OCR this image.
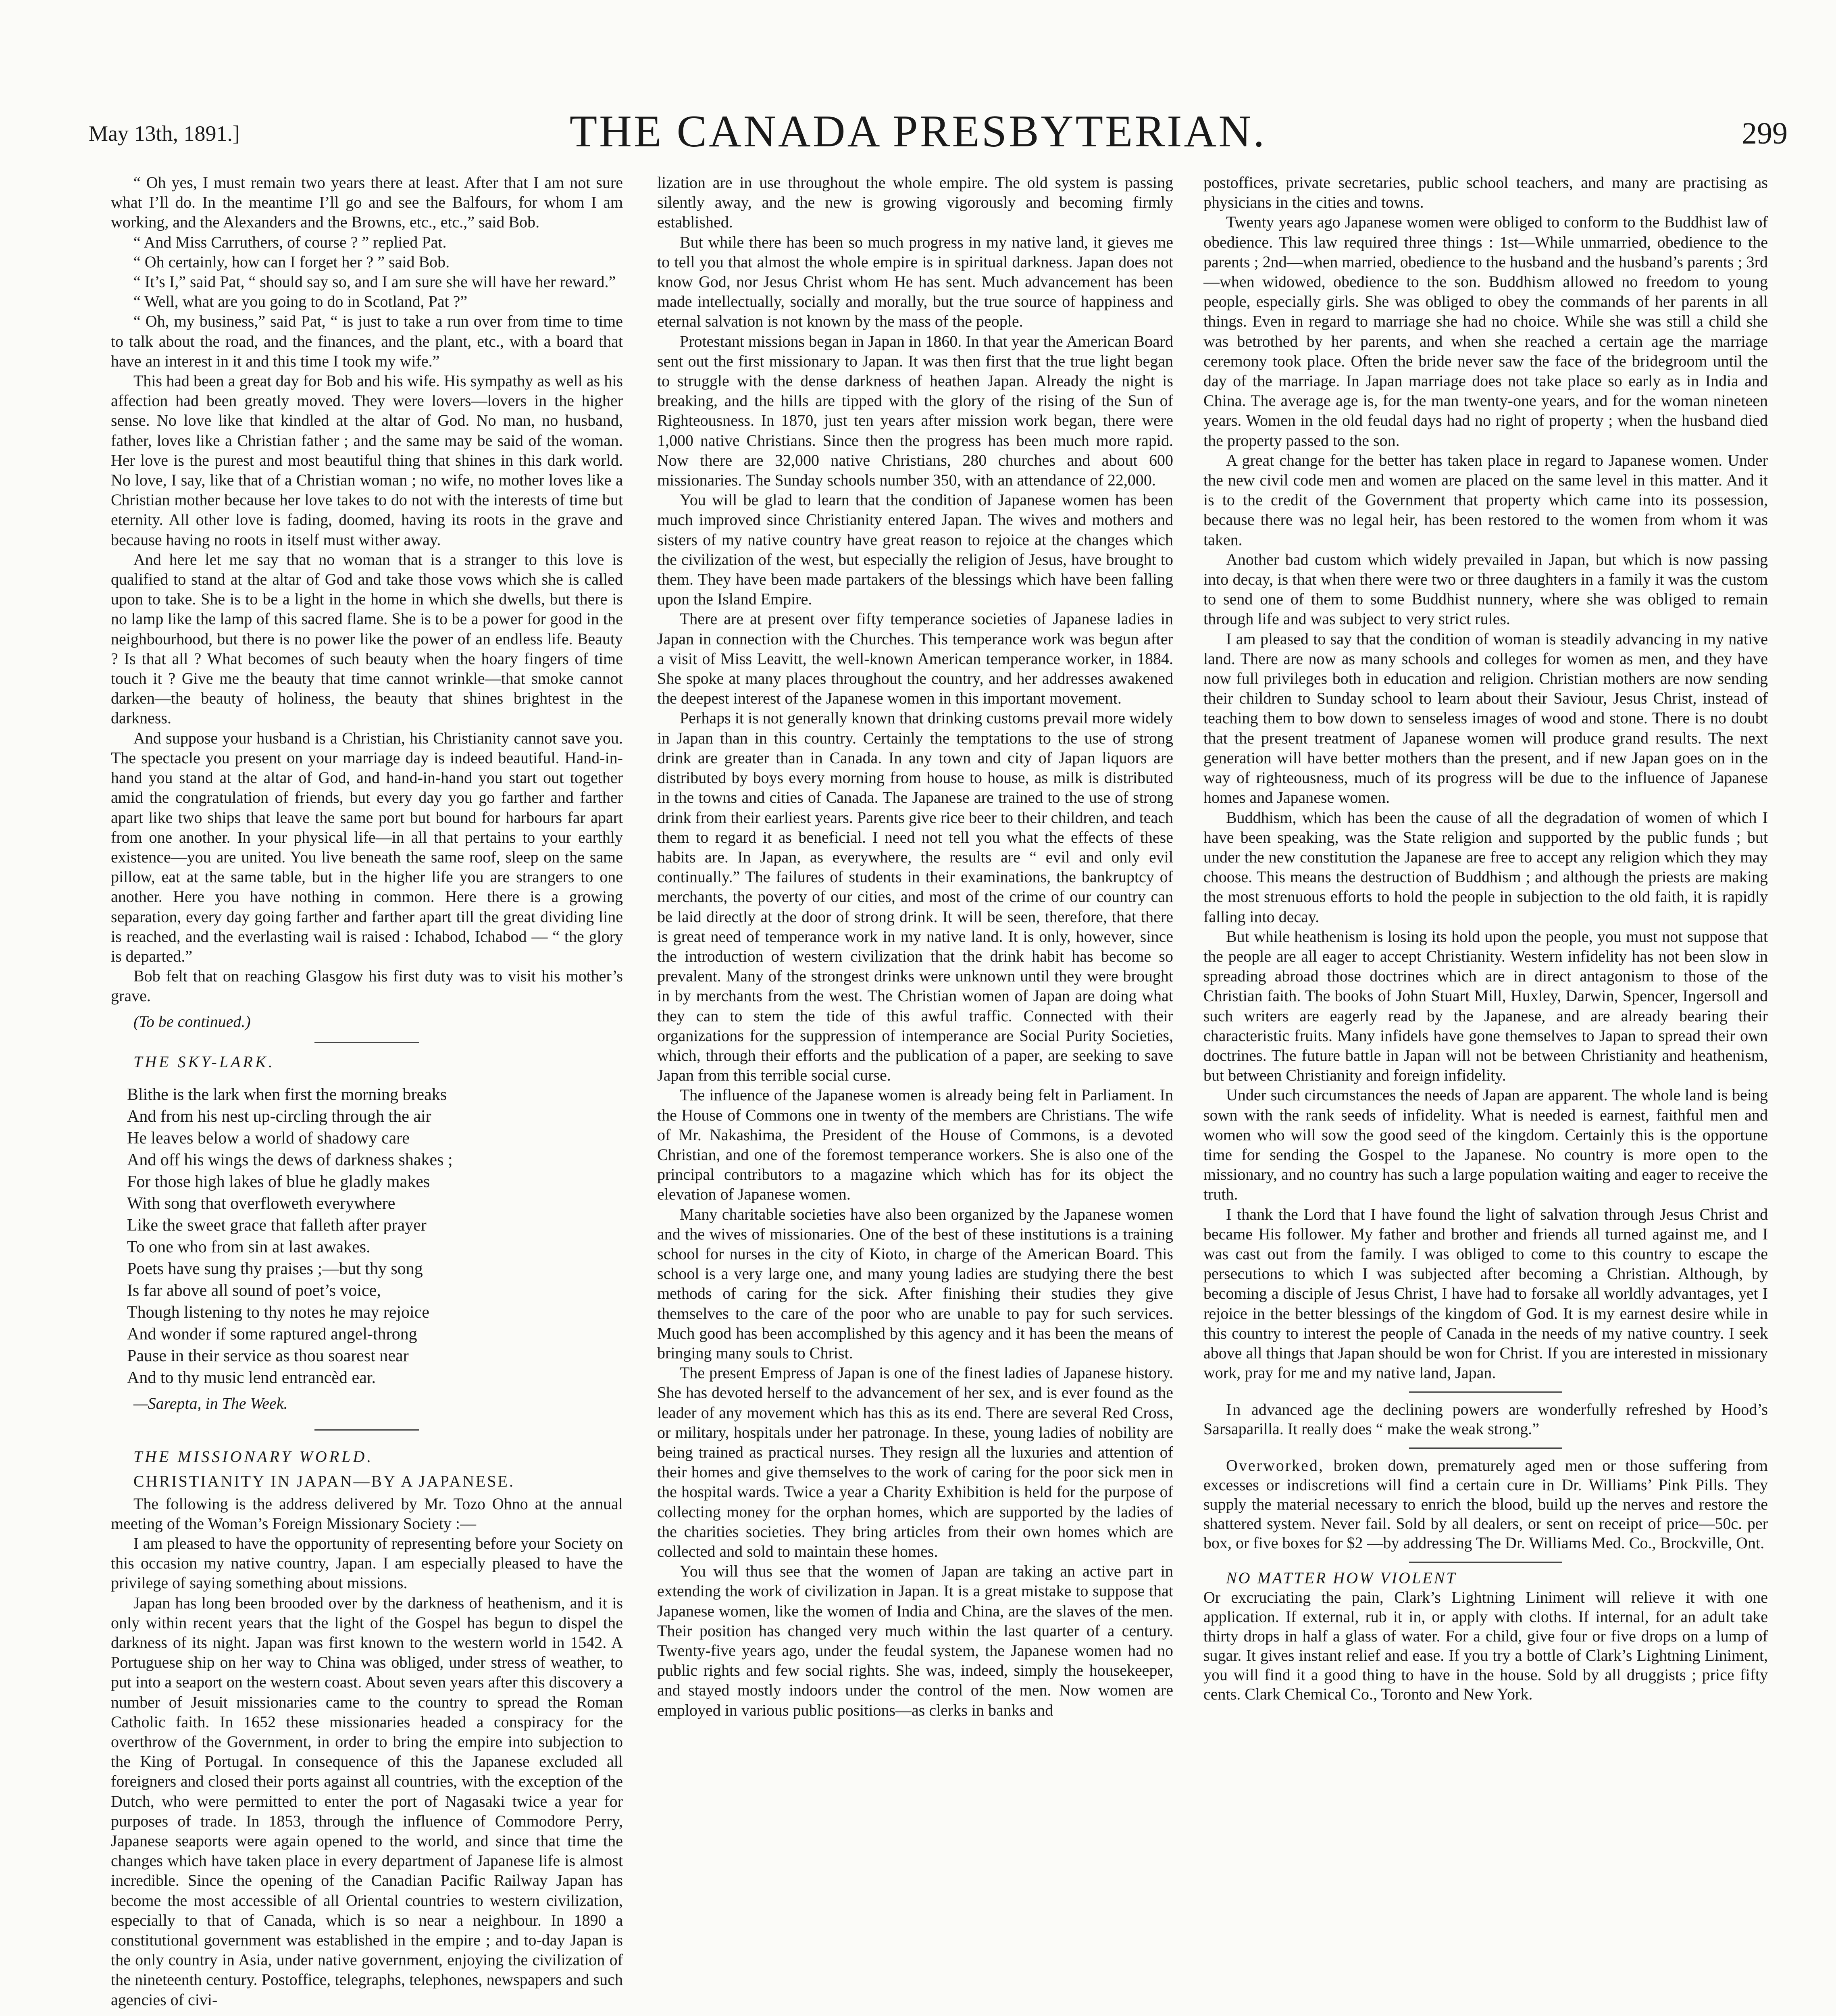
May 13th, 1891.]	THE CANADA PRESBYTERIAN.	299

“ Oh yes, I must remain two years there at least. After that I am not sure what I’ll do. In the meantime I’ll go and see the Balfours, for whom I am working, and the Alexanders and the Browns, etc., etc.,” said Bob.

“ And Miss Carruthers, of course ? ” replied Pat.

“ Oh certainly, how can I forget her ? ” said Bob.

“ It’s I,” said Pat, “ should say so, and I am sure she will have her reward.”

“ Well, what are you going to do in Scotland, Pat ?”

“ Oh, my business,” said Pat, “ is just to take a run over from time to time to talk about the road, and the finances, and the plant, etc., with a board that have an interest in it and this time I took my wife.”

This had been a great day for Bob and his wife. His sympathy as well as his affection had been greatly moved. They were lovers—lovers in the higher sense. No love like that kindled at the altar of God. No man, no husband, father, loves like a Christian father ; and the same may be said of the woman. Her love is the purest and most beautiful thing that shines in this dark world. No love, I say, like that of a Christian woman ; no wife, no mother loves like a Christian mother because her love takes to do not with the interests of time but eternity. All other love is fading, doomed, having its roots in the grave and because having no roots in itself must wither away.

And here let me say that no woman that is a stranger to this love is qualified to stand at the altar of God and take those vows which she is called upon to take. She is to be a light in the home in which she dwells, but there is no lamp like the lamp of this sacred flame. She is to be a power for good in the neighbourhood, but there is no power like the power of an endless life. Beauty ? Is that all ? What becomes of such beauty when the hoary fingers of time touch it ? Give me the beauty that time cannot wrinkle—that smoke cannot darken—the beauty of holiness, the beauty that shines brightest in the darkness.

And suppose your husband is a Christian, his Christianity cannot save you. The spectacle you present on your marriage day is indeed beautiful. Hand-in-hand you stand at the altar of God, and hand-in-hand you start out together amid the congratulation of friends, but every day you go farther and farther apart like two ships that leave the same port but bound for harbours far apart from one another. In your physical life—in all that pertains to your earthly existence—you are united. You live beneath the same roof, sleep on the same pillow, eat at the same table, but in the higher life you are strangers to one another. Here you have nothing in common. Here there is a growing separation, every day going farther and farther apart till the great dividing line is reached, and the everlasting wail is raised : Ichabod, Ichabod — “ the glory is departed.”

Bob felt that on reaching Glasgow his first duty was to visit his mother’s grave.

(To be continued.)

THE SKY-LARK.

Blithe is the lark when first the morning breaks
And from his nest up-circling through the air
He leaves below a world of shadowy care
And off his wings the dews of darkness shakes ;
For those high lakes of blue he gladly makes
With song that overfloweth everywhere
Like the sweet grace that falleth after prayer
To one who from sin at last awakes.
Poets have sung thy praises ;—but thy song
Is far above all sound of poet’s voice,
Though listening to thy notes he may rejoice
And wonder if some raptured angel-throng
Pause in their service as thou soarest near
And to thy music lend entrancèd ear.

—Sarepta, in The Week.

THE MISSIONARY WORLD.

CHRISTIANITY IN JAPAN—BY A JAPANESE.

The following is the address delivered by Mr. Tozo Ohno at the annual meeting of the Woman’s Foreign Missionary Society :—

I am pleased to have the opportunity of representing before your Society on this occasion my native country, Japan. I am especially pleased to have the privilege of saying something about missions.

Japan has long been brooded over by the darkness of heathenism, and it is only within recent years that the light of the Gospel has begun to dispel the darkness of its night. Japan was first known to the western world in 1542. A Portuguese ship on her way to China was obliged, under stress of weather, to put into a seaport on the western coast. About seven years after this discovery a number of Jesuit missionaries came to the country to spread the Roman Catholic faith. In 1652 these missionaries headed a conspiracy for the overthrow of the Government, in order to bring the empire into subjection to the King of Portugal. In consequence of this the Japanese excluded all foreigners and closed their ports against all countries, with the exception of the Dutch, who were permitted to enter the port of Nagasaki twice a year for purposes of trade. In 1853, through the influence of Commodore Perry, Japanese seaports were again opened to the world, and since that time the changes which have taken place in every department of Japanese life is almost incredible. Since the opening of the Canadian Pacific Railway Japan has become the most accessible of all Oriental countries to western civilization, especially to that of Canada, which is so near a neighbour. In 1890 a constitutional government was established in the empire ; and to-day Japan is the only country in Asia, under native government, enjoying the civilization of the nineteenth century. Postoffice, telegraphs, telephones, newspapers and such agencies of civi-

lization are in use throughout the whole empire. The old system is passing silently away, and the new is growing vigorously and becoming firmly established.

But while there has been so much progress in my native land, it gieves me to tell you that almost the whole empire is in spiritual darkness. Japan does not know God, nor Jesus Christ whom He has sent. Much advancement has been made intellectually, socially and morally, but the true source of happiness and eternal salvation is not known by the mass of the people.

Protestant missions began in Japan in 1860. In that year the American Board sent out the first missionary to Japan. It was then first that the true light began to struggle with the dense darkness of heathen Japan. Already the night is breaking, and the hills are tipped with the glory of the rising of the Sun of Righteousness. In 1870, just ten years after mission work began, there were 1,000 native Christians. Since then the progress has been much more rapid. Now there are 32,000 native Christians, 280 churches and about 600 missionaries. The Sunday schools number 350, with an attendance of 22,000.

You will be glad to learn that the condition of Japanese women has been much improved since Christianity entered Japan. The wives and mothers and sisters of my native country have great reason to rejoice at the changes which the civilization of the west, but especially the religion of Jesus, have brought to them. They have been made partakers of the blessings which have been falling upon the Island Empire.

There are at present over fifty temperance societies of Japanese ladies in Japan in connection with the Churches. This temperance work was begun after a visit of Miss Leavitt, the well-known American temperance worker, in 1884. She spoke at many places throughout the country, and her addresses awakened the deepest interest of the Japanese women in this important movement.

Perhaps it is not generally known that drinking customs prevail more widely in Japan than in this country. Certainly the temptations to the use of strong drink are greater than in Canada. In any town and city of Japan liquors are distributed by boys every morning from house to house, as milk is distributed in the towns and cities of Canada. The Japanese are trained to the use of strong drink from their earliest years. Parents give rice beer to their children, and teach them to regard it as beneficial. I need not tell you what the effects of these habits are. In Japan, as everywhere, the results are “ evil and only evil continually.” The failures of students in their examinations, the bankruptcy of merchants, the poverty of our cities, and most of the crime of our country can be laid directly at the door of strong drink. It will be seen, therefore, that there is great need of temperance work in my native land. It is only, however, since the introduction of western civilization that the drink habit has become so prevalent. Many of the strongest drinks were unknown until they were brought in by merchants from the west. The Christian women of Japan are doing what they can to stem the tide of this awful traffic. Connected with their organizations for the suppression of intemperance are Social Purity Societies, which, through their efforts and the publication of a paper, are seeking to save Japan from this terrible social curse.

The influence of the Japanese women is already being felt in Parliament. In the House of Commons one in twenty of the members are Christians. The wife of Mr. Nakashima, the President of the House of Commons, is a devoted Christian, and one of the foremost temperance workers. She is also one of the principal contributors to a magazine which which has for its object the elevation of Japanese women.

Many charitable societies have also been organized by the Japanese women and the wives of missionaries. One of the best of these institutions is a training school for nurses in the city of Kioto, in charge of the American Board. This school is a very large one, and many young ladies are studying there the best methods of caring for the sick. After finishing their studies they give themselves to the care of the poor who are unable to pay for such services. Much good has been accomplished by this agency and it has been the means of bringing many souls to Christ.

The present Empress of Japan is one of the finest ladies of Japanese history. She has devoted herself to the advancement of her sex, and is ever found as the leader of any movement which has this as its end. There are several Red Cross, or military, hospitals under her patronage. In these, young ladies of nobility are being trained as practical nurses. They resign all the luxuries and attention of their homes and give themselves to the work of caring for the poor sick men in the hospital wards. Twice a year a Charity Exhibition is held for the purpose of collecting money for the orphan homes, which are supported by the ladies of the charities societies. They bring articles from their own homes which are collected and sold to maintain these homes.

You will thus see that the women of Japan are taking an active part in extending the work of civilization in Japan. It is a great mistake to suppose that Japanese women, like the women of India and China, are the slaves of the men. Their position has changed very much within the last quarter of a century. Twenty-five years ago, under the feudal system, the Japanese women had no public rights and few social rights. She was, indeed, simply the housekeeper, and stayed mostly indoors under the control of the men. Now women are employed in various public positions—as clerks in banks and

postoffices, private secretaries, public school teachers, and many are practising as physicians in the cities and towns.

Twenty years ago Japanese women were obliged to conform to the Buddhist law of obedience. This law required three things : 1st—While unmarried, obedience to the parents ; 2nd—when married, obedience to the husband and the husband’s parents ; 3rd—when widowed, obedience to the son. Buddhism allowed no freedom to young people, especially girls. She was obliged to obey the commands of her parents in all things. Even in regard to marriage she had no choice. While she was still a child she was betrothed by her parents, and when she reached a certain age the marriage ceremony took place. Often the bride never saw the face of the bridegroom until the day of the marriage. In Japan marriage does not take place so early as in India and China. The average age is, for the man twenty-one years, and for the woman nineteen years. Women in the old feudal days had no right of property ; when the husband died the property passed to the son.

A great change for the better has taken place in regard to Japanese women. Under the new civil code men and women are placed on the same level in this matter. And it is to the credit of the Government that property which came into its possession, because there was no legal heir, has been restored to the women from whom it was taken.

Another bad custom which widely prevailed in Japan, but which is now passing into decay, is that when there were two or three daughters in a family it was the custom to send one of them to some Buddhist nunnery, where she was obliged to remain through life and was subject to very strict rules.

I am pleased to say that the condition of woman is steadily advancing in my native land. There are now as many schools and colleges for women as men, and they have now full privileges both in education and religion. Christian mothers are now sending their children to Sunday school to learn about their Saviour, Jesus Christ, instead of teaching them to bow down to senseless images of wood and stone. There is no doubt that the present treatment of Japanese women will produce grand results. The next generation will have better mothers than the present, and if new Japan goes on in the way of righteousness, much of its progress will be due to the influence of Japanese homes and Japanese women.

Buddhism, which has been the cause of all the degradation of women of which I have been speaking, was the State religion and supported by the public funds ; but under the new constitution the Japanese are free to accept any religion which they may choose. This means the destruction of Buddhism ; and although the priests are making the most strenuous efforts to hold the people in subjection to the old faith, it is rapidly falling into decay.

But while heathenism is losing its hold upon the people, you must not suppose that the people are all eager to accept Christianity. Western infidelity has not been slow in spreading abroad those doctrines which are in direct antagonism to those of the Christian faith. The books of John Stuart Mill, Huxley, Darwin, Spencer, Ingersoll and such writers are eagerly read by the Japanese, and are already bearing their characteristic fruits. Many infidels have gone themselves to Japan to spread their own doctrines. The future battle in Japan will not be between Christianity and heathenism, but between Christianity and foreign infidelity.

Under such circumstances the needs of Japan are apparent. The whole land is being sown with the rank seeds of infidelity. What is needed is earnest, faithful men and women who will sow the good seed of the kingdom. Certainly this is the opportune time for sending the Gospel to the Japanese. No country is more open to the missionary, and no country has such a large population waiting and eager to receive the truth.

I thank the Lord that I have found the light of salvation through Jesus Christ and became His follower. My father and brother and friends all turned against me, and I was cast out from the family. I was obliged to come to this country to escape the persecutions to which I was subjected after becoming a Christian. Although, by becoming a disciple of Jesus Christ, I have had to forsake all worldly advantages, yet I rejoice in the better blessings of the kingdom of God. It is my earnest desire while in this country to interest the people of Canada in the needs of my native country. I seek above all things that Japan should be won for Christ. If you are interested in missionary work, pray for me and my native land, Japan.

In advanced age the declining powers are wonderfully refreshed by Hood’s Sarsaparilla. It really does “ make the weak strong.”

Overworked, broken down, prematurely aged men or those suffering from excesses or indiscretions will find a certain cure in Dr. Williams’ Pink Pills. They supply the material necessary to enrich the blood, build up the nerves and restore the shattered system. Never fail. Sold by all dealers, or sent on receipt of price—50c. per box, or five boxes for $2 —by addressing The Dr. Williams Med. Co., Brockville, Ont.

NO MATTER HOW VIOLENT

Or excruciating the pain, Clark’s Lightning Liniment will relieve it with one application. If external, rub it in, or apply with cloths. If internal, for an adult take thirty drops in half a glass of water. For a child, give four or five drops on a lump of sugar. It gives instant relief and ease. If you try a bottle of Clark’s Lightning Liniment, you will find it a good thing to have in the house. Sold by all druggists ; price fifty cents. Clark Chemical Co., Toronto and New York.
